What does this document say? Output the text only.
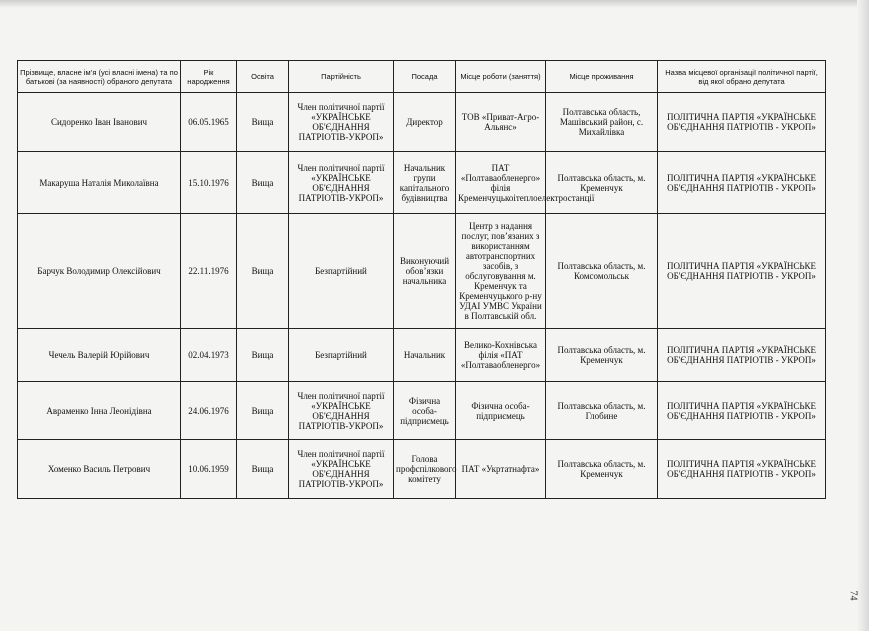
Прізвище, власне ім’я (усі власні імена) та по батькові (за наявності) обраного депутата	Рік народження	Освіта	Партійність	Посада	Місце роботи (заняття)	Місце проживання	Назва місцевої організації політичної партії, від якої обрано депутата
Сидоренко Іван Іванович	06.05.1965	Вища	Член політичної партії «УКРАЇНСЬКЕ ОБ'ЄДНАННЯ ПАТРІОТІВ-УКРОП»	Директор	ТОВ «Приват-Агро-Альянс»	Полтавська область, Машівський район, с. Михайлівка	ПОЛІТИЧНА ПАРТІЯ «УКРАЇНСЬКЕ ОБ'ЄДНАННЯ ПАТРІОТІВ - УКРОП»
Макаруша Наталія Миколаївна	15.10.1976	Вища	Член політичної партії «УКРАЇНСЬКЕ ОБ'ЄДНАННЯ ПАТРІОТІВ-УКРОП»	Начальник групи капітального будівництва	ПАТ «Полтаваобленерго» філія Кременчуцькоітеплоелектростанції	Полтавська область, м. Кременчук	ПОЛІТИЧНА ПАРТІЯ «УКРАЇНСЬКЕ ОБ'ЄДНАННЯ ПАТРІОТІВ - УКРОП»
Барчук Володимир Олексійович	22.11.1976	Вища	Безпартійний	Виконуючий обов’язки начальника	Центр з надання послуг, пов’язаних з використанням автотранспортних засобів, з обслуговування м. Кременчук та Кременчуцького р-ну УДАІ УМВС України в Полтавській обл.	Полтавська область, м. Комсомольськ	ПОЛІТИЧНА ПАРТІЯ «УКРАЇНСЬКЕ ОБ'ЄДНАННЯ ПАТРІОТІВ - УКРОП»
Чечель Валерій Юрійович	02.04.1973	Вища	Безпартійний	Начальник	Велико-Кохнівська філія «ПАТ «Полтаваобленерго»	Полтавська область, м. Кременчук	ПОЛІТИЧНА ПАРТІЯ «УКРАЇНСЬКЕ ОБ'ЄДНАННЯ ПАТРІОТІВ - УКРОП»
Авраменко Інна Леонідівна	24.06.1976	Вища	Член політичної партії «УКРАЇНСЬКЕ ОБ'ЄДНАННЯ ПАТРІОТІВ-УКРОП»	Фізична особа-підприємець	Фізична особа-підприємець	Полтавська область, м. Глобине	ПОЛІТИЧНА ПАРТІЯ «УКРАЇНСЬКЕ ОБ'ЄДНАННЯ ПАТРІОТІВ - УКРОП»
Хоменко Василь Петрович	10.06.1959	Вища	Член політичної партії «УКРАЇНСЬКЕ ОБ'ЄДНАННЯ ПАТРІОТІВ-УКРОП»	Голова профспілкового комітету	ПАТ «Укртатнафта»	Полтавська область, м. Кременчук	ПОЛІТИЧНА ПАРТІЯ «УКРАЇНСЬКЕ ОБ'ЄДНАННЯ ПАТРІОТІВ - УКРОП»
74
